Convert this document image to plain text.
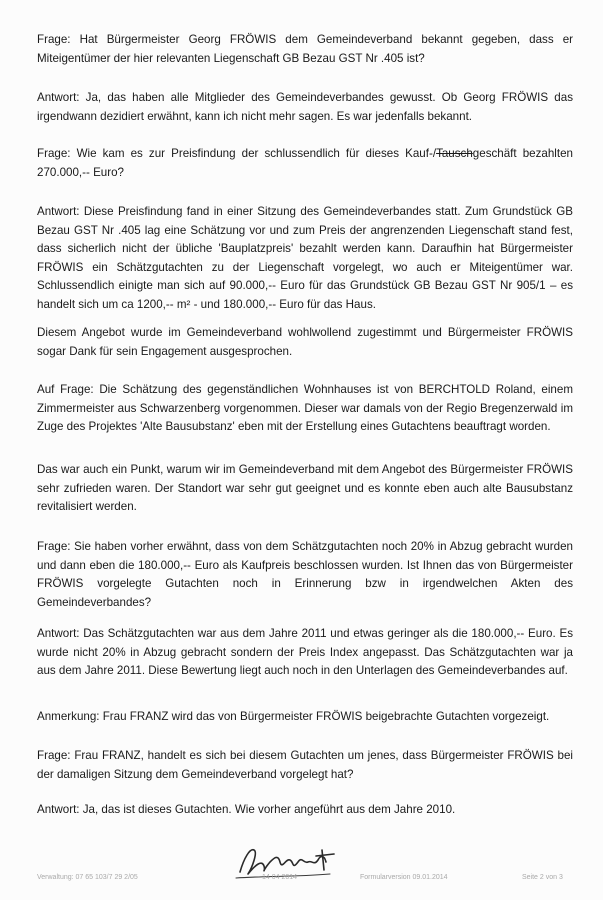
Frage: Hat Bürgermeister Georg FRÖWIS dem Gemeindeverband bekannt gegeben, dass er Miteigentümer der hier relevanten Liegenschaft GB Bezau GST Nr .405 ist?
Antwort: Ja, das haben alle Mitglieder des Gemeindeverbandes gewusst. Ob Georg FRÖWIS das irgendwann dezidiert erwähnt, kann ich nicht mehr sagen. Es war jedenfalls bekannt.
Frage: Wie kam es zur Preisfindung der schlussendlich für dieses Kauf-/Tauschgeschäft bezahlten 270.000,-- Euro?
Antwort: Diese Preisfindung fand in einer Sitzung des Gemeindeverbandes statt. Zum Grundstück GB Bezau GST Nr .405 lag eine Schätzung vor und zum Preis der angrenzenden Liegenschaft stand fest, dass sicherlich nicht der übliche 'Bauplatzpreis' bezahlt werden kann. Daraufhin hat Bürgermeister FRÖWIS ein Schätzgutachten zu der Liegenschaft vorgelegt, wo auch er Miteigentümer war. Schlussendlich einigte man sich auf 90.000,-- Euro für das Grundstück GB Bezau GST Nr 905/1 – es handelt sich um ca 1200,-- m² - und 180.000,-- Euro für das Haus.
Diesem Angebot wurde im Gemeindeverband wohlwollend zugestimmt und Bürgermeister FRÖWIS sogar Dank für sein Engagement ausgesprochen.
Auf Frage: Die Schätzung des gegenständlichen Wohnhauses ist von BERCHTOLD Roland, einem Zimmermeister aus Schwarzenberg vorgenommen. Dieser war damals von der Regio Bregenzerwald im Zuge des Projektes 'Alte Bausubstanz' eben mit der Erstellung eines Gutachtens beauftragt worden.
Das war auch ein Punkt, warum wir im Gemeindeverband mit dem Angebot des Bürgermeister FRÖWIS sehr zufrieden waren. Der Standort war sehr gut geeignet und es konnte eben auch alte Bausubstanz revitalisiert werden.
Frage: Sie haben vorher erwähnt, dass von dem Schätzgutachten noch 20% in Abzug gebracht wurden und dann eben die 180.000,-- Euro als Kaufpreis beschlossen wurden. Ist Ihnen das von Bürgermeister FRÖWIS vorgelegte Gutachten noch in Erinnerung bzw in irgendwelchen Akten des Gemeindeverbandes?
Antwort: Das Schätzgutachten war aus dem Jahre 2011 und etwas geringer als die 180.000,-- Euro. Es wurde nicht 20% in Abzug gebracht sondern der Preis Index angepasst. Das Schätzgutachten war ja aus dem Jahre 2011. Diese Bewertung liegt auch noch in den Unterlagen des Gemeindeverbandes auf.
Anmerkung: Frau FRANZ wird das von Bürgermeister FRÖWIS beigebrachte Gutachten vorgezeigt.
Frage: Frau FRANZ, handelt es sich bei diesem Gutachten um jenes, dass Bürgermeister FRÖWIS bei der damaligen Sitzung dem Gemeindeverband vorgelegt hat?
Antwort: Ja, das ist dieses Gutachten. Wie vorher angeführt aus dem Jahre 2010.
Verwaltung: 07 65 103/7 29 2/05	14 04 2014	Formularversion 09.01.2014	Seite 2 von 3
